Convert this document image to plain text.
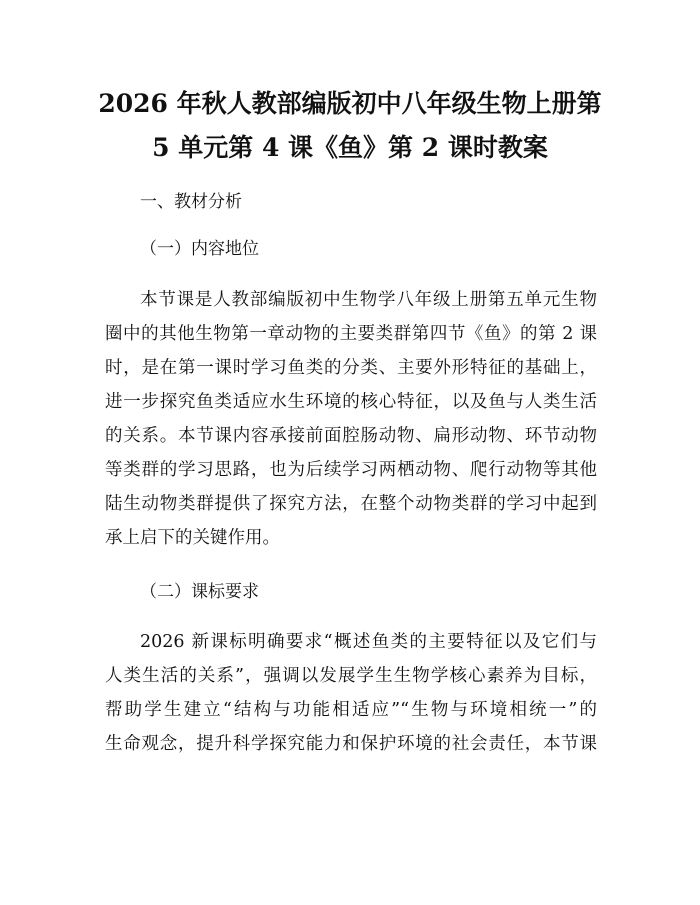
2026 年秋人教部编版初中八年级生物上册第
5 单元第 4 课《鱼》第 2 课时教案
一、教材分析
（一）内容地位
本节课是人教部编版初中生物学八年级上册第五单元生物
圈中的其他生物第一章动物的主要类群第四节《鱼》的第 2 课
时，是在第一课时学习鱼类的分类、主要外形特征的基础上，
进一步探究鱼类适应水生环境的核心特征，以及鱼与人类生活
的关系。本节课内容承接前面腔肠动物、扁形动物、环节动物
等类群的学习思路，也为后续学习两栖动物、爬行动物等其他
陆生动物类群提供了探究方法，在整个动物类群的学习中起到
承上启下的关键作用。
（二）课标要求
2026 新课标明确要求“概述鱼类的主要特征以及它们与
人类生活的关系”，强调以发展学生生物学核心素养为目标，
帮助学生建立“结构与功能相适应”“生物与环境相统一”的
生命观念，提升科学探究能力和保护环境的社会责任，本节课
